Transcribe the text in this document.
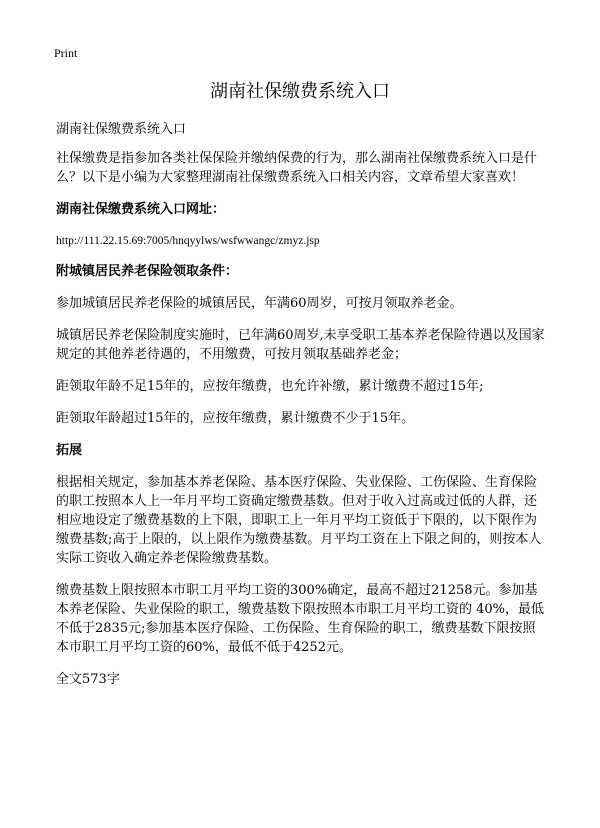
Print
湖南社保缴费系统入口

湖南社保缴费系统入口

社保缴费是指参加各类社保保险并缴纳保费的行为，那么湖南社保缴费系统入口是什么？以下是小编为大家整理湖南社保缴费系统入口相关内容，文章希望大家喜欢！

湖南社保缴费系统入口网址：

http://111.22.15.69:7005/hnqyylws/wsfwwangc/zmyz.jsp

附城镇居民养老保险领取条件：

参加城镇居民养老保险的城镇居民，年满60周岁，可按月领取养老金。

城镇居民养老保险制度实施时，已年满60周岁,未享受职工基本养老保险待遇以及国家规定的其他养老待遇的，不用缴费，可按月领取基础养老金；

距领取年龄不足15年的，应按年缴费，也允许补缴，累计缴费不超过15年;

距领取年龄超过15年的，应按年缴费，累计缴费不少于15年。

拓展

根据相关规定，参加基本养老保险、基本医疗保险、失业保险、工伤保险、生育保险的职工按照本人上一年月平均工资确定缴费基数。但对于收入过高或过低的人群，还相应地设定了缴费基数的上下限，即职工上一年月平均工资低于下限的，以下限作为缴费基数;高于上限的，以上限作为缴费基数。月平均工资在上下限之间的，则按本人实际工资收入确定养老保险缴费基数。

缴费基数上限按照本市职工月平均工资的300%确定，最高不超过21258元。参加基本养老保险、失业保险的职工，缴费基数下限按照本市职工月平均工资的 40%，最低不低于2835元;参加基本医疗保险、工伤保险、生育保险的职工，缴费基数下限按照本市职工月平均工资的60%，最低不低于4252元。

全文573字
